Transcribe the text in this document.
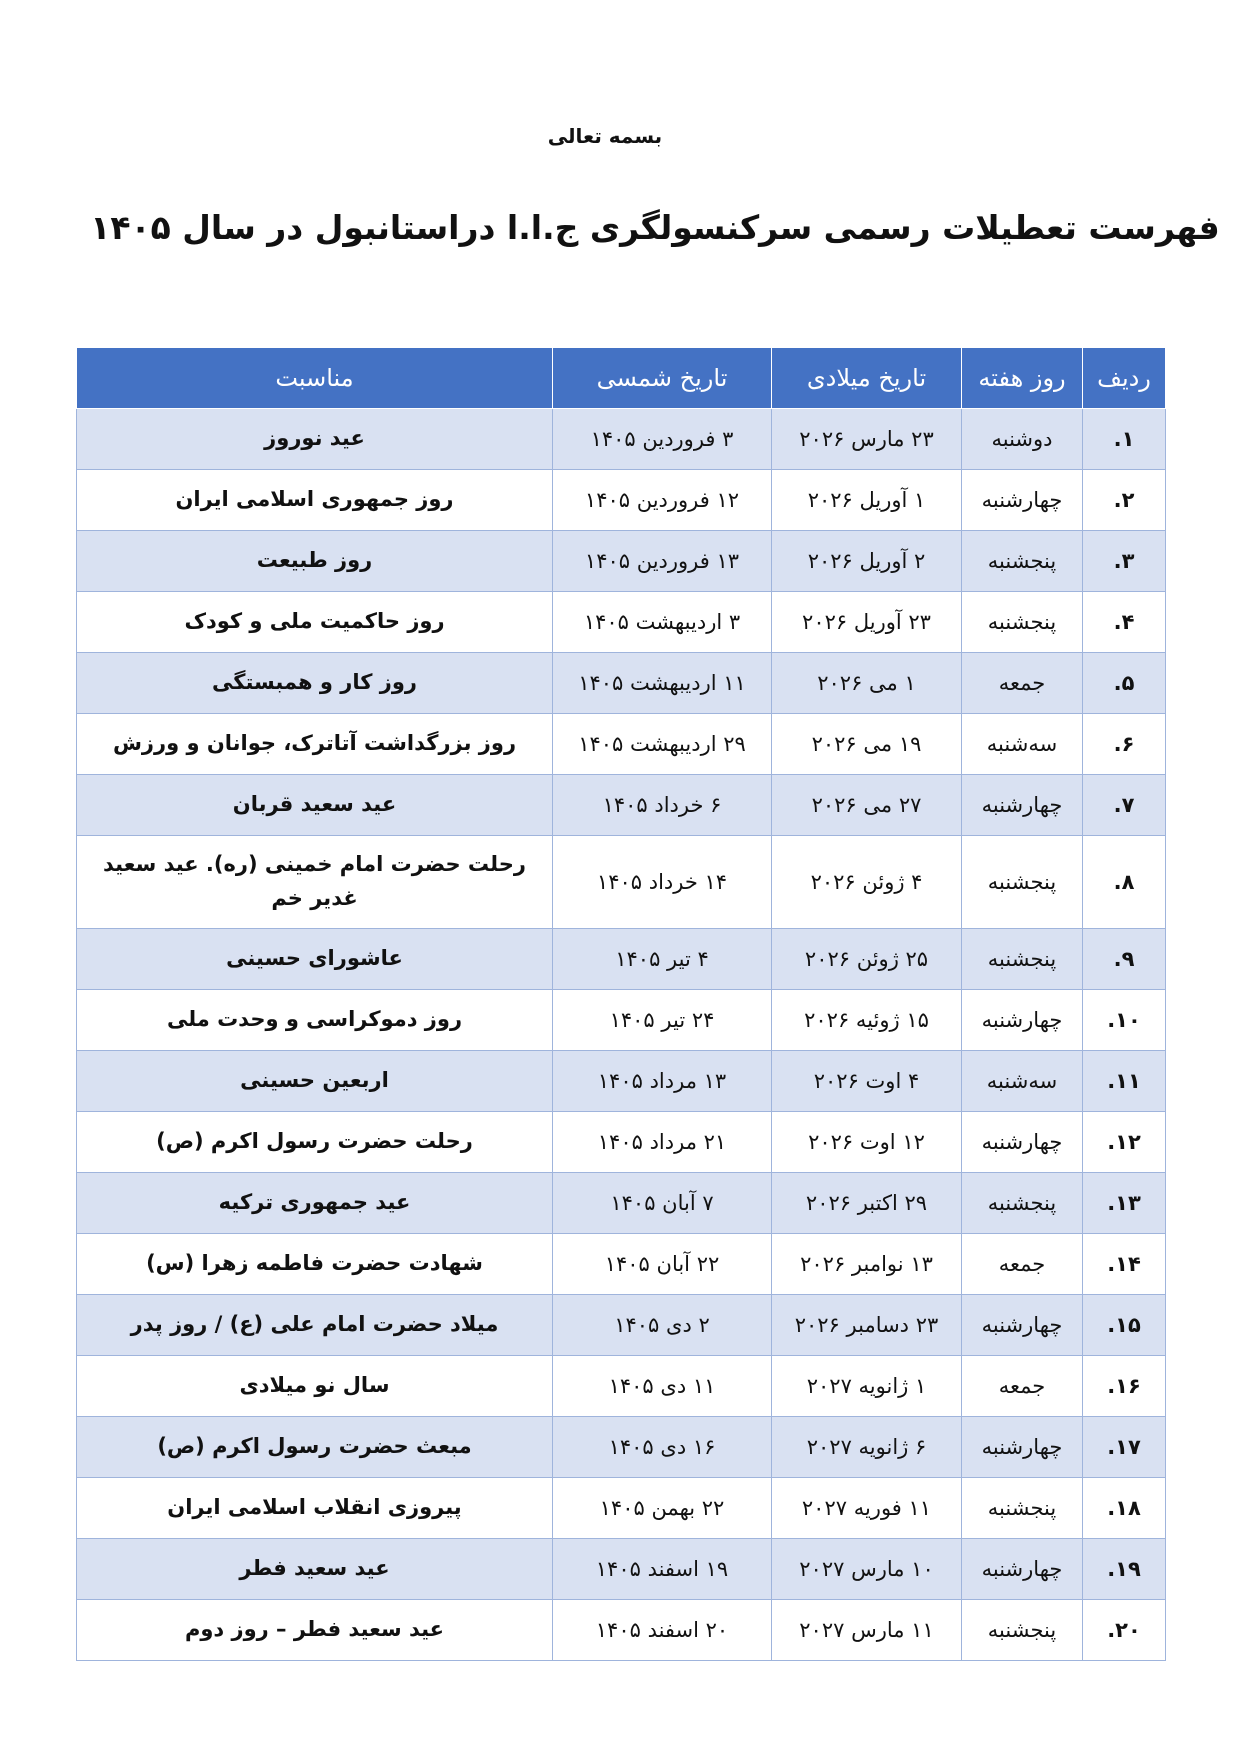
بسمه تعالی
فهرست تعطیلات رسمی سرکنسولگری ج.ا.ا دراستانبول در سال ۱۴۰۵
ردیف	روز هفته	تاریخ میلادی	تاریخ شمسی	مناسبت
۱.	دوشنبه	۲۳ مارس ۲۰۲۶	۳ فروردین ۱۴۰۵	عید نوروز
۲.	چهارشنبه	۱ آوریل ۲۰۲۶	۱۲ فروردین ۱۴۰۵	روز جمهوری اسلامی ایران
۳.	پنجشنبه	۲ آوریل ۲۰۲۶	۱۳ فروردین ۱۴۰۵	روز طبیعت
۴.	پنجشنبه	۲۳ آوریل ۲۰۲۶	۳ اردیبهشت ۱۴۰۵	روز حاکمیت ملی و کودک
۵.	جمعه	۱ می ۲۰۲۶	۱۱ اردیبهشت ۱۴۰۵	روز کار و همبستگی
۶.	سه‌شنبه	۱۹ می ۲۰۲۶	۲۹ اردیبهشت ۱۴۰۵	روز بزرگداشت آتاترک، جوانان و ورزش
۷.	چهارشنبه	۲۷ می ۲۰۲۶	۶ خرداد ۱۴۰۵	عید سعید قربان
۸.	پنجشنبه	۴ ژوئن ۲۰۲۶	۱۴ خرداد ۱۴۰۵	رحلت حضرت امام خمینی (ره). عید سعید غدیر خم
۹.	پنجشنبه	۲۵ ژوئن ۲۰۲۶	۴ تیر ۱۴۰۵	عاشورای حسینی
۱۰.	چهارشنبه	۱۵ ژوئیه ۲۰۲۶	۲۴ تیر ۱۴۰۵	روز دموکراسی و وحدت ملی
۱۱.	سه‌شنبه	۴ اوت ۲۰۲۶	۱۳ مرداد ۱۴۰۵	اربعین حسینی
۱۲.	چهارشنبه	۱۲ اوت ۲۰۲۶	۲۱ مرداد ۱۴۰۵	رحلت حضرت رسول اکرم (ص)
۱۳.	پنجشنبه	۲۹ اکتبر ۲۰۲۶	۷ آبان ۱۴۰۵	عید جمهوری ترکیه
۱۴.	جمعه	۱۳ نوامبر ۲۰۲۶	۲۲ آبان ۱۴۰۵	شهادت حضرت فاطمه زهرا (س)
۱۵.	چهارشنبه	۲۳ دسامبر ۲۰۲۶	۲ دی ۱۴۰۵	میلاد حضرت امام علی (ع) / روز پدر
۱۶.	جمعه	۱ ژانویه ۲۰۲۷	۱۱ دی ۱۴۰۵	سال نو میلادی
۱۷.	چهارشنبه	۶ ژانویه ۲۰۲۷	۱۶ دی ۱۴۰۵	مبعث حضرت رسول اکرم (ص)
۱۸.	پنجشنبه	۱۱ فوریه ۲۰۲۷	۲۲ بهمن ۱۴۰۵	پیروزی انقلاب اسلامی ایران
۱۹.	چهارشنبه	۱۰ مارس ۲۰۲۷	۱۹ اسفند ۱۴۰۵	عید سعید فطر
۲۰.	پنجشنبه	۱۱ مارس ۲۰۲۷	۲۰ اسفند ۱۴۰۵	عید سعید فطر – روز دوم
